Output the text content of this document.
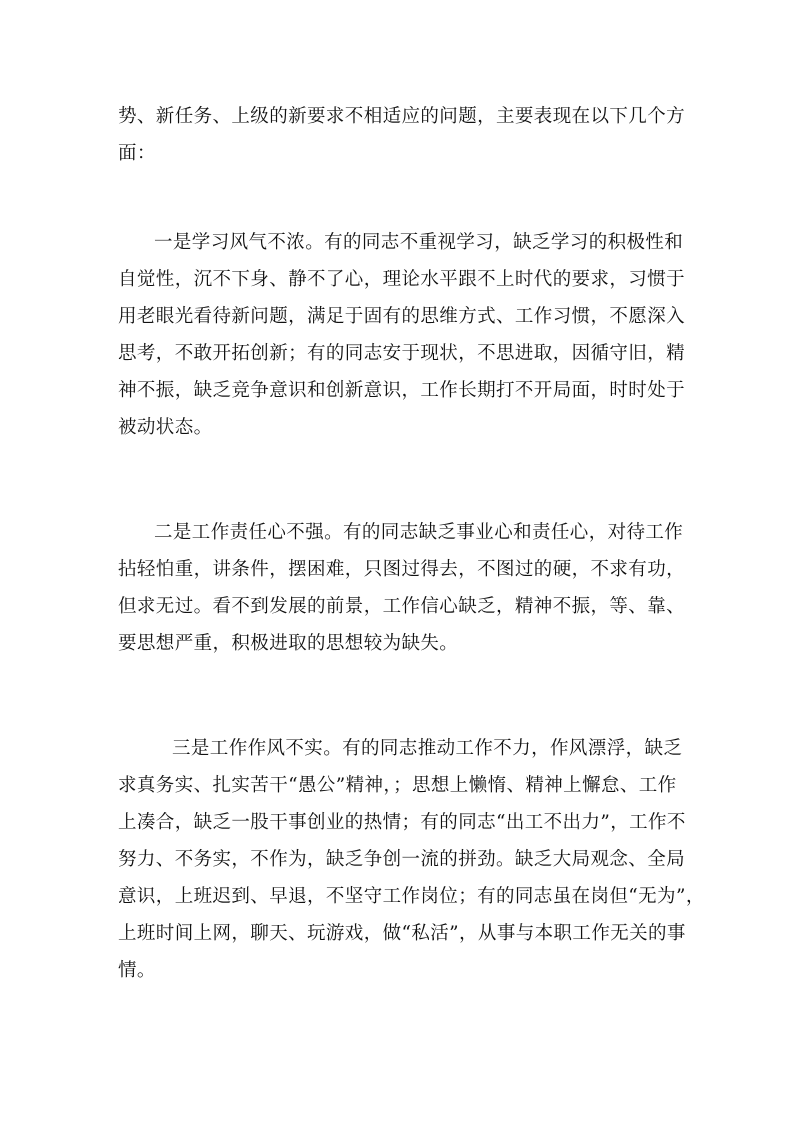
势、新任务、上级的新要求不相适应的问题，主要表现在以下几个方
面：
一是学习风气不浓。有的同志不重视学习，缺乏学习的积极性和
自觉性，沉不下身、静不了心，理论水平跟不上时代的要求，习惯于
用老眼光看待新问题，满足于固有的思维方式、工作习惯，不愿深入
思考，不敢开拓创新；有的同志安于现状，不思进取，因循守旧，精
神不振，缺乏竞争意识和创新意识，工作长期打不开局面，时时处于
被动状态。
二是工作责任心不强。有的同志缺乏事业心和责任心，对待工作
拈轻怕重，讲条件，摆困难，只图过得去，不图过的硬，不求有功，
但求无过。看不到发展的前景，工作信心缺乏，精神不振，等、靠、
要思想严重，积极进取的思想较为缺失。
三是工作作风不实。有的同志推动工作不力，作风漂浮，缺乏
求真务实、扎实苦干“愚公”精神，；思想上懒惰、精神上懈怠、工作
上凑合，缺乏一股干事创业的热情；有的同志“出工不出力”，工作不
努力、不务实，不作为，缺乏争创一流的拼劲。缺乏大局观念、全局
意识，上班迟到、早退，不坚守工作岗位；有的同志虽在岗但“无为”，
上班时间上网，聊天、玩游戏，做“私活”，从事与本职工作无关的事
情。
